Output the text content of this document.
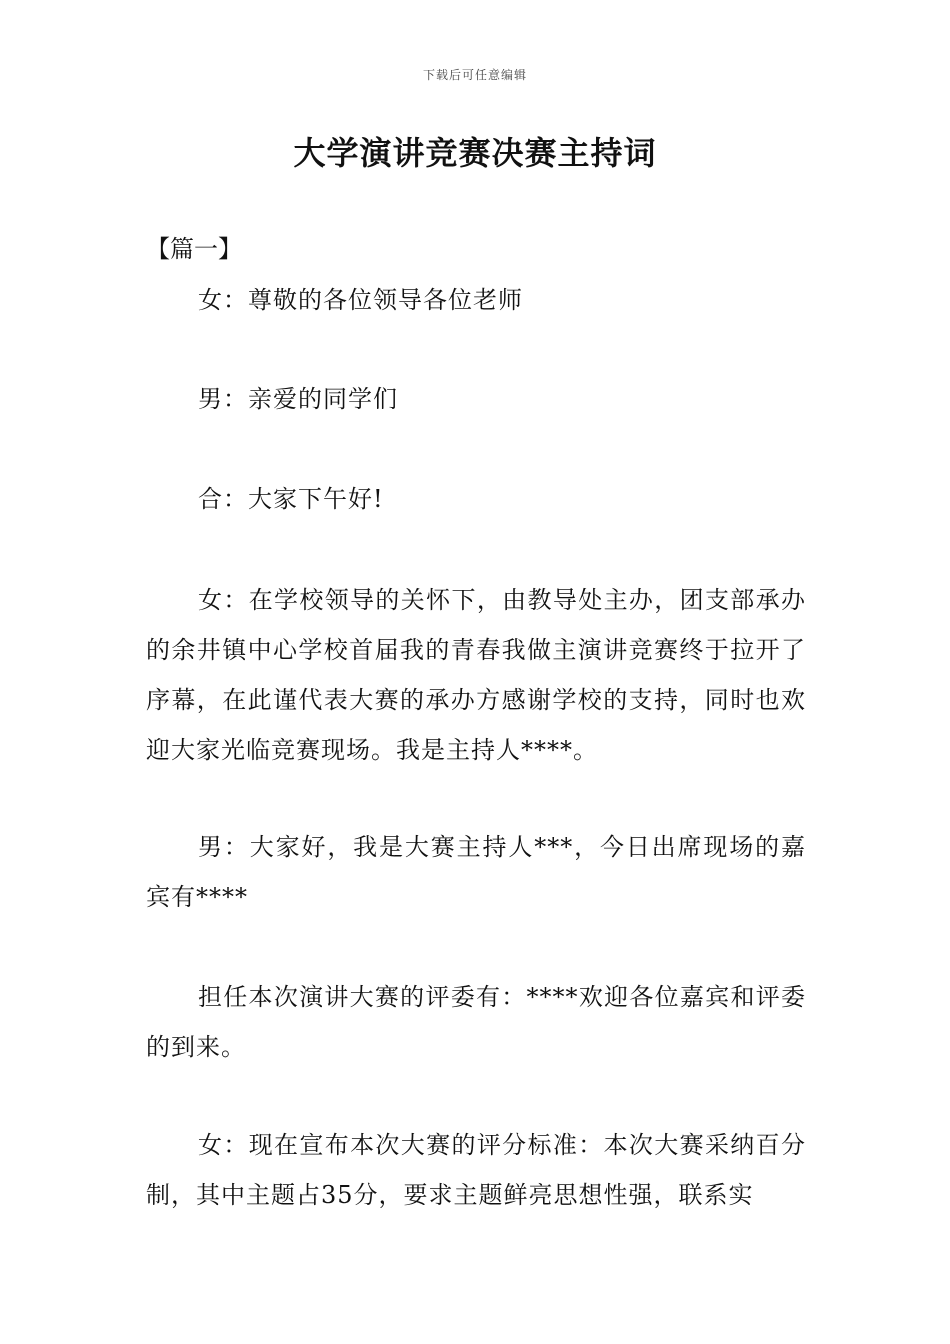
下载后可任意编辑
大学演讲竞赛决赛主持词
【篇一】
女：尊敬的各位领导各位老师
男：亲爱的同学们
合：大家下午好!
女：在学校领导的关怀下，由教导处主办，团支部承办的余井镇中心学校首届我的青春我做主演讲竞赛终于拉开了序幕，在此谨代表大赛的承办方感谢学校的支持，同时也欢迎大家光临竞赛现场。我是主持人****。
男：大家好，我是大赛主持人***，今日出席现场的嘉宾有****
担任本次演讲大赛的评委有：****欢迎各位嘉宾和评委的到来。
女：现在宣布本次大赛的评分标准：本次大赛采纳百分制，其中主题占35分，要求主题鲜亮思想性强，联系实
